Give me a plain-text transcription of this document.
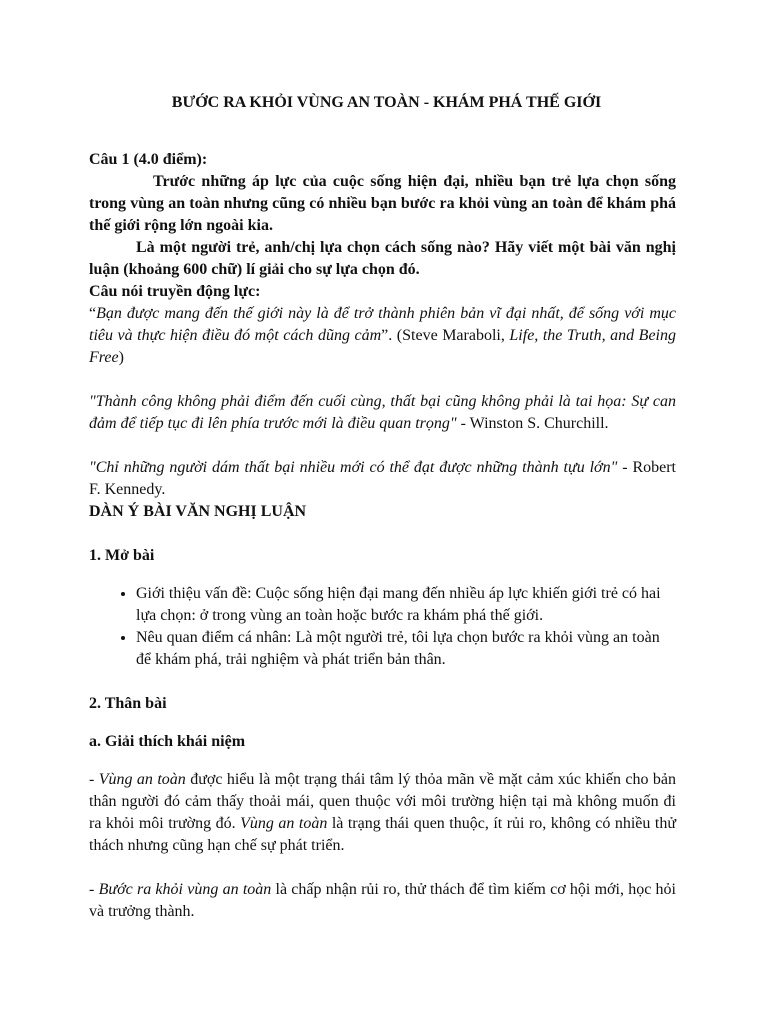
BƯỚC RA KHỎI VÙNG AN TOÀN - KHÁM PHÁ THẾ GIỚI

Câu 1 (4.0 điểm):

Trước những áp lực của cuộc sống hiện đại, nhiều bạn trẻ lựa chọn sống trong vùng an toàn nhưng cũng có nhiều bạn bước ra khỏi vùng an toàn để khám phá thế giới rộng lớn ngoài kia.

Là một người trẻ, anh/chị lựa chọn cách sống nào? Hãy viết một bài văn nghị luận (khoảng 600 chữ) lí giải cho sự lựa chọn đó.

Câu nói truyền động lực:

“Bạn được mang đến thế giới này là để trở thành phiên bản vĩ đại nhất, để sống với mục tiêu và thực hiện điều đó một cách dũng cảm”. (Steve Maraboli, Life, the Truth, and Being Free)

"Thành công không phải điểm đến cuối cùng, thất bại cũng không phải là tai họa: Sự can đảm để tiếp tục đi lên phía trước mới là điều quan trọng" - Winston S. Churchill.

"Chỉ những người dám thất bại nhiều mới có thể đạt được những thành tựu lớn" - Robert F. Kennedy.

DÀN Ý BÀI VĂN NGHỊ LUẬN

1. Mở bài

• Giới thiệu vấn đề: Cuộc sống hiện đại mang đến nhiều áp lực khiến giới trẻ có hai lựa chọn: ở trong vùng an toàn hoặc bước ra khám phá thế giới.
• Nêu quan điểm cá nhân: Là một người trẻ, tôi lựa chọn bước ra khỏi vùng an toàn để khám phá, trải nghiệm và phát triển bản thân.

2. Thân bài

a. Giải thích khái niệm

- Vùng an toàn được hiểu là một trạng thái tâm lý thỏa mãn về mặt cảm xúc khiến cho bản thân người đó cảm thấy thoải mái, quen thuộc với môi trường hiện tại mà không muốn đi ra khỏi môi trường đó. Vùng an toàn là trạng thái quen thuộc, ít rủi ro, không có nhiều thử thách nhưng cũng hạn chế sự phát triển.

- Bước ra khỏi vùng an toàn là chấp nhận rủi ro, thử thách để tìm kiếm cơ hội mới, học hỏi và trưởng thành.
